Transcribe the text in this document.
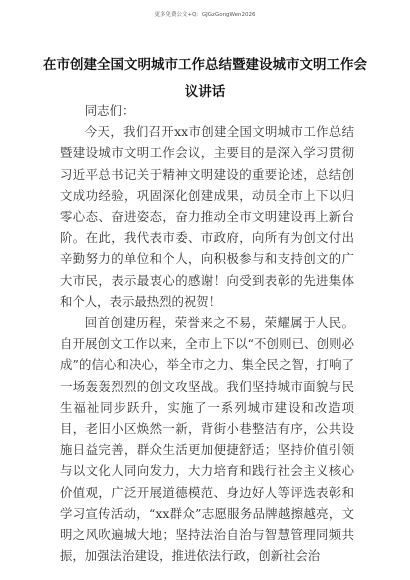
更多免费公文+Q：GJGzGongWen2026
在市创建全国文明城市工作总结暨建设城市文明工作会议讲话

同志们：

今天，我们召开xx市创建全国文明城市工作总结暨建设城市文明工作会议，主要目的是深入学习贯彻习近平总书记关于精神文明建设的重要论述，总结创文成功经验，巩固深化创建成果，动员全市上下以归零心态、奋进姿态，奋力推动全市文明建设再上新台阶。在此，我代表市委、市政府，向所有为创文付出辛勤努力的单位和个人，向积极参与和支持创文的广大市民，表示最衷心的感谢！向受到表彰的先进集体和个人，表示最热烈的祝贺！

回首创建历程，荣誉来之不易，荣耀属于人民。自开展创文工作以来，全市上下以“不创则已、创则必成”的信心和决心，举全市之力、集全民之智，打响了一场轰轰烈烈的创文攻坚战。我们坚持城市面貌与民生福祉同步跃升，实施了一系列城市建设和改造项目，老旧小区焕然一新，背街小巷整洁有序，公共设施日益完善，群众生活更加便捷舒适；坚持价值引领与以文化人同向发力，大力培育和践行社会主义核心价值观，广泛开展道德模范、身边好人等评选表彰和学习宣传活动，“xx群众”志愿服务品牌越擦越亮，文明之风吹遍城大地；坚持法治自治与智慧管理同频共振，加强法治建设，推进依法行政，创新社会治
